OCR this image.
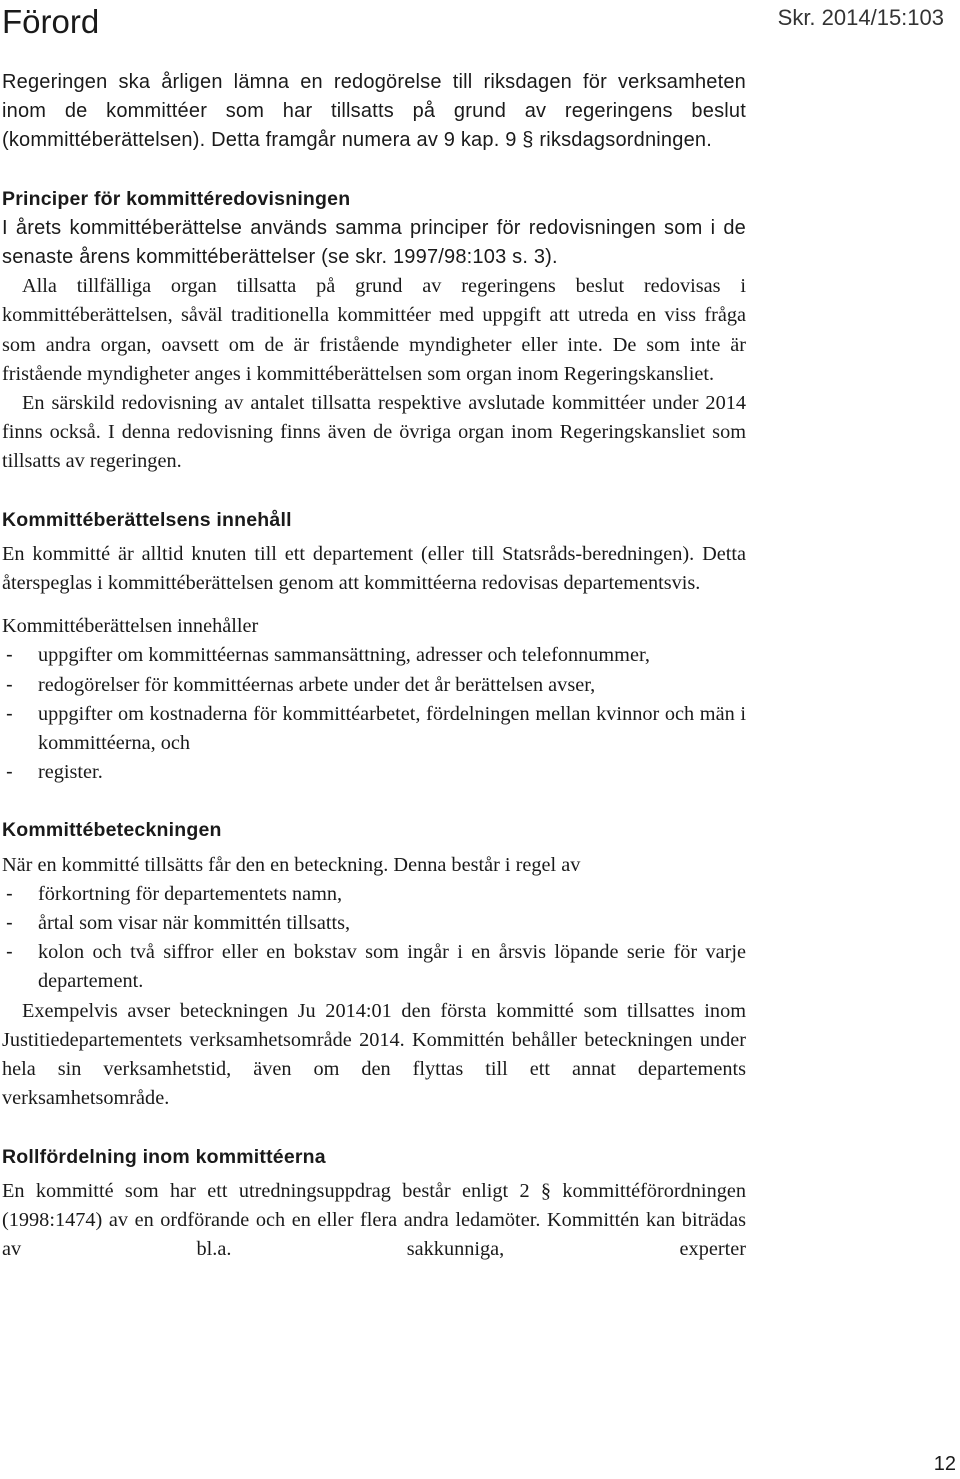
Förord	Skr. 2014/15:103

Regeringen ska årligen lämna en redogörelse till riksdagen för verksamheten inom de kommittéer som har tillsatts på grund av regeringens beslut (kommittéberättelsen). Detta framgår numera av 9 kap. 9 § riksdagsordningen.

Principer för kommittéredovisningen

I årets kommittéberättelse används samma principer för redovisningen som i de senaste årens kommittéberättelser (se skr. 1997/98:103 s. 3).

Alla tillfälliga organ tillsatta på grund av regeringens beslut redovisas i kommittéberättelsen, såväl traditionella kommittéer med uppgift att utreda en viss fråga som andra organ, oavsett om de är fristående myndigheter eller inte. De som inte är fristående myndigheter anges i kommittéberättelsen som organ inom Regeringskansliet.

En särskild redovisning av antalet tillsatta respektive avslutade kommittéer under 2014 finns också. I denna redovisning finns även de övriga organ inom Regeringskansliet som tillsatts av regeringen.

Kommittéberättelsens innehåll

En kommitté är alltid knuten till ett departement (eller till Statsråds-beredningen). Detta återspeglas i kommittéberättelsen genom att kommittéerna redovisas departementsvis.

Kommittéberättelsen innehåller

- uppgifter om kommittéernas sammansättning, adresser och telefonnummer,
- redogörelser för kommittéernas arbete under det år berättelsen avser,
- uppgifter om kostnaderna för kommittéarbetet, fördelningen mellan kvinnor och män i kommittéerna, och
- register.
Kommittébeteckningen

När en kommitté tillsätts får den en beteckning. Denna består i regel av

- förkortning för departementets namn,
- årtal som visar när kommittén tillsatts,
- kolon och två siffror eller en bokstav som ingår i en årsvis löpande serie för varje departement.

Exempelvis avser beteckningen Ju 2014:01 den första kommitté som tillsattes inom Justitiedepartementets verksamhetsområde 2014. Kommittén behåller beteckningen under hela sin verksamhetstid, även om den flyttas till ett annat departements verksamhetsområde.

Rollfördelning inom kommittéerna

En kommitté som har ett utredningsuppdrag består enligt 2 § kommittéförordningen (1998:1474) av en ordförande och en eller flera andra ledamöter. Kommittén kan biträdas av bl.a. sakkunniga, experter

12
